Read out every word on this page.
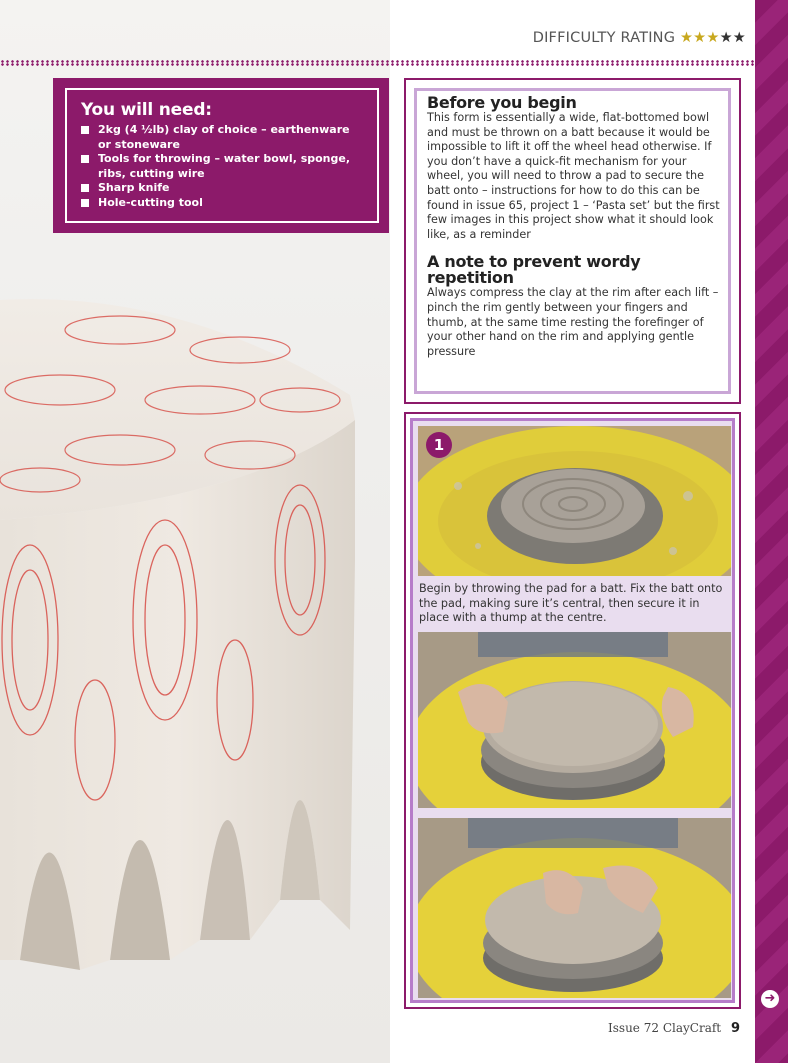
➜
DIFFICULTY RATING ★★★★★
You will need:
2kg (4 ½lb) clay of choice – earthenware or stoneware
Tools for throwing – water bowl, sponge, ribs, cutting wire
Sharp knife
Hole-cutting tool
Before you begin

This form is essentially a wide, flat-bottomed bowl and must be thrown on a batt because it would be impossible to lift it off the wheel head otherwise. If you don’t have a quick-fit mechanism for your wheel, you will need to throw a pad to secure the batt onto – instructions for how to do this can be found in issue 65, project 1 – ‘Pasta set’ but the first few images in this project show what it should look like, as a reminder

A note to prevent wordy repetition

Always compress the clay at the rim after each lift – pinch the rim gently between your fingers and thumb, at the same time resting the forefinger of your other hand on the rim and applying gentle pressure

1

Begin by throwing the pad for a batt. Fix the batt onto the pad, making sure it’s central, then secure it in place with a thump at the centre.

Issue 72 ClayCraft 9
